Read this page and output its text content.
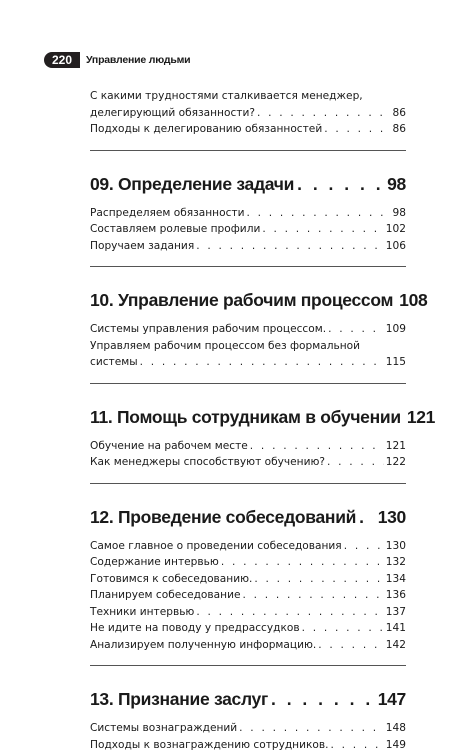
220	Управление людьми
С какими трудностями сталкивается менеджер,
делегирующий обязанности? . . .	86
Подходы к делегированию обязанностей . . .	86
09. Определение задачи . . .	98
Распределяем обязанности . . .	98
Составляем ролевые профили . . .	102
Поручаем задания . . .	106
10. Управление рабочим процессом 108
Системы управления рабочим процессом. . . .	109
Управляем рабочим процессом без формальной
системы . . .	115
11. Помощь сотрудникам в обучении 121
Обучение на рабочем месте . . .	121
Как менеджеры способствуют обучению? . . .	122
12. Проведение собеседований . . . 130
Самое главное о проведении собеседования . . .	130
Содержание интервью . . .	132
Готовимся к собеседованию. . . .	134
Планируем собеседование . . .	136
Техники интервью . . .	137
Не идите на поводу у предрассудков . . .	141
Анализируем полученную информацию. . . .	142
13. Признание заслуг . . .	147
Системы вознаграждений . . .	148
Подходы к вознаграждению сотрудников. . . .	149
